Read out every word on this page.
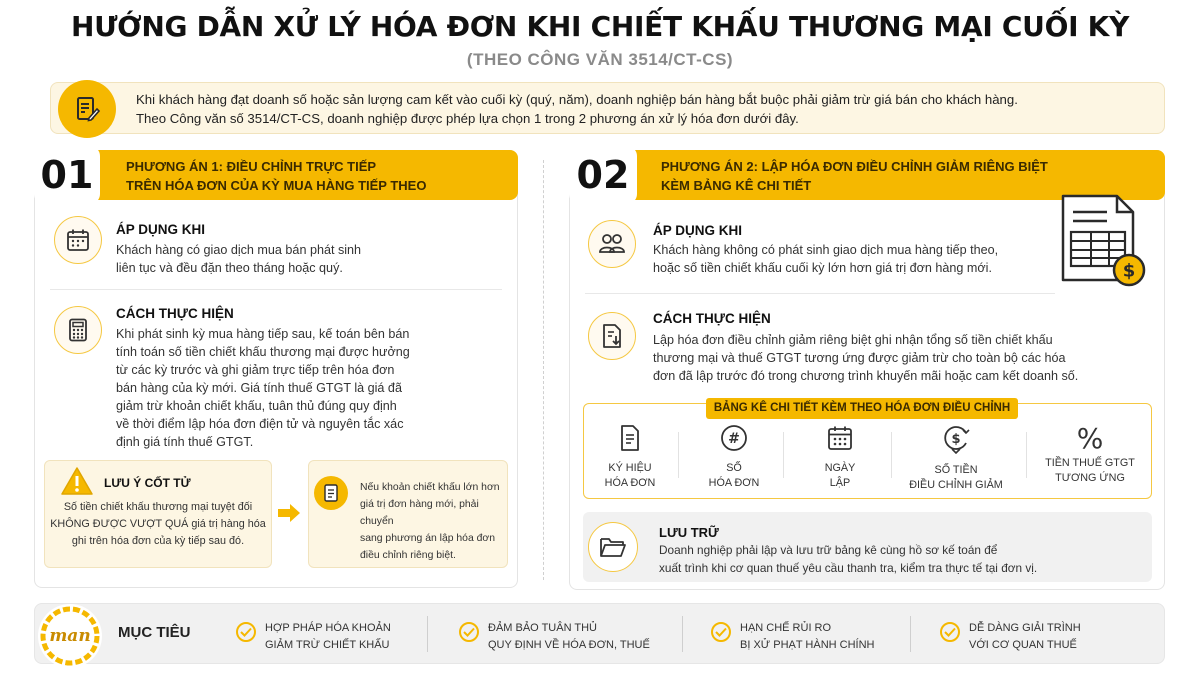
HƯỚNG DẪN XỬ LÝ HÓA ĐƠN KHI CHIẾT KHẤU THƯƠNG MẠI CUỐI KỲ
(THEO CÔNG VĂN 3514/CT-CS)
Khi khách hàng đạt doanh số hoặc sản lượng cam kết vào cuối kỳ (quý, năm), doanh nghiệp bán hàng bắt buộc phải giảm trừ giá bán cho khách hàng.
Theo Công văn số 3514/CT-CS, doanh nghiệp được phép lựa chọn 1 trong 2 phương án xử lý hóa đơn dưới đây.
01	PHƯƠNG ÁN 1: ĐIỀU CHỈNH TRỰC TIẾP
TRÊN HÓA ĐƠN CỦA KỲ MUA HÀNG TIẾP THEO
ÁP DỤNG KHI
Khách hàng có giao dịch mua bán phát sinh
liên tục và đều đặn theo tháng hoặc quý.
CÁCH THỰC HIỆN
Khi phát sinh kỳ mua hàng tiếp sau, kế toán bên bán
tính toán số tiền chiết khấu thương mại được hưởng
từ các kỳ trước và ghi giảm trực tiếp trên hóa đơn
bán hàng của kỳ mới. Giá tính thuế GTGT là giá đã
giảm trừ khoản chiết khấu, tuân thủ đúng quy định
về thời điểm lập hóa đơn điện tử và nguyên tắc xác
định giá tính thuế GTGT.
LƯU Ý CỐT TỬ
Số tiền chiết khấu thương mại tuyệt đối
KHÔNG ĐƯỢC VƯỢT QUÁ giá trị hàng hóa
ghi trên hóa đơn của kỳ tiếp sau đó.
Nếu khoản chiết khấu lớn hơn
giá trị đơn hàng mới, phải chuyển
sang phương án lập hóa đơn
điều chỉnh riêng biệt.
02	PHƯƠNG ÁN 2: LẬP HÓA ĐƠN ĐIỀU CHỈNH GIẢM RIÊNG BIỆT
KÈM BẢNG KÊ CHI TIẾT
$
ÁP DỤNG KHI
Khách hàng không có phát sinh giao dịch mua hàng tiếp theo,
hoặc số tiền chiết khấu cuối kỳ lớn hơn giá trị đơn hàng mới.
CÁCH THỰC HIỆN
Lập hóa đơn điều chỉnh giảm riêng biệt ghi nhận tổng số tiền chiết khấu
thương mại và thuế GTGT tương ứng được giảm trừ cho toàn bộ các hóa
đơn đã lập trước đó trong chương trình khuyến mãi hoặc cam kết doanh số.
BẢNG KÊ CHI TIẾT KÈM THEO HÓA ĐƠN ĐIỀU CHỈNH
KÝ HIỆU
HÓA ĐƠN
#
SỐ
HÓA ĐƠN
NGÀY
LẬP
$
SỐ TIỀN
ĐIỀU CHỈNH GIẢM
%
TIỀN THUẾ GTGT
TƯƠNG ỨNG
LƯU TRỮ
Doanh nghiệp phải lập và lưu trữ bảng kê cùng hồ sơ kế toán để
xuất trình khi cơ quan thuế yêu cầu thanh tra, kiểm tra thực tế tại đơn vị.
man MỤC TIÊU	HỢP PHÁP HÓA KHOẢN
GIẢM TRỪ CHIẾT KHẤU
ĐẢM BẢO TUÂN THỦ
QUY ĐỊNH VỀ HÓA ĐƠN, THUẾ
HẠN CHẾ RỦI RO
BỊ XỬ PHẠT HÀNH CHÍNH
DỄ DÀNG GIẢI TRÌNH
VỚI CƠ QUAN THUẾ
